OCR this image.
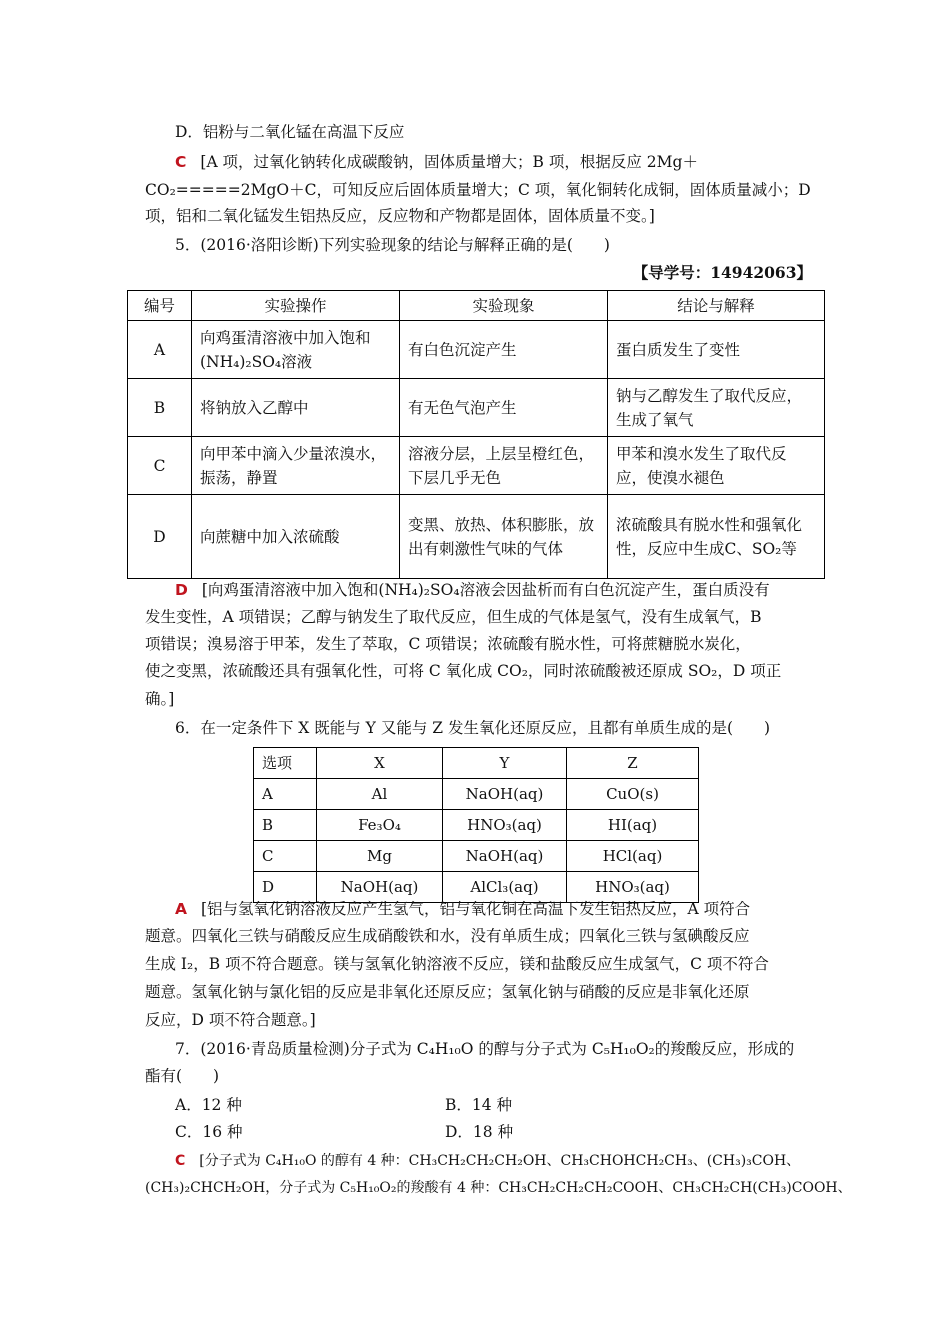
D．铝粉与二氧化锰在高温下反应
C [A 项，过氧化钠转化成碳酸钠，固体质量增大；B 项，根据反应 2Mg＋
CO₂=====2MgO＋C，可知反应后固体质量增大；C 项，氧化铜转化成铜，固体质量减小；D
项，铝和二氧化锰发生铝热反应，反应物和产物都是固体，固体质量不变。]
5．(2016·洛阳诊断)下列实验现象的结论与解释正确的是(　　)
【导学号：14942063】
编号	实验操作	实验现象	结论与解释
A	向鸡蛋清溶液中加入饱和(NH₄)₂SO₄溶液	有白色沉淀产生	蛋白质发生了变性
B	将钠放入乙醇中	有无色气泡产生	钠与乙醇发生了取代反应，生成了氧气
C	向甲苯中滴入少量浓溴水，振荡，静置	溶液分层，上层呈橙红色，下层几乎无色	甲苯和溴水发生了取代反应，使溴水褪色
D	向蔗糖中加入浓硫酸	变黑、放热、体积膨胀，放出有刺激性气味的气体	浓硫酸具有脱水性和强氧化性，反应中生成C、SO₂等
D [向鸡蛋清溶液中加入饱和(NH₄)₂SO₄溶液会因盐析而有白色沉淀产生，蛋白质没有
发生变性，A 项错误；乙醇与钠发生了取代反应，但生成的气体是氢气，没有生成氧气，B
项错误；溴易溶于甲苯，发生了萃取，C 项错误；浓硫酸有脱水性，可将蔗糖脱水炭化，
使之变黑，浓硫酸还具有强氧化性，可将 C 氧化成 CO₂，同时浓硫酸被还原成 SO₂，D 项正
确。]
6．在一定条件下 X 既能与 Y 又能与 Z 发生氧化还原反应，且都有单质生成的是(　　)
选项	X	Y	Z
A	Al	NaOH(aq)	CuO(s)
B	Fe₃O₄	HNO₃(aq)	HI(aq)
C	Mg	NaOH(aq)	HCl(aq)
D	NaOH(aq)	AlCl₃(aq)	HNO₃(aq)
A [铝与氢氧化钠溶液反应产生氢气，铝与氧化铜在高温下发生铝热反应，A 项符合
题意。四氧化三铁与硝酸反应生成硝酸铁和水，没有单质生成；四氧化三铁与氢碘酸反应
生成 I₂，B 项不符合题意。镁与氢氧化钠溶液不反应，镁和盐酸反应生成氢气，C 项不符合
题意。氢氧化钠与氯化铝的反应是非氧化还原反应；氢氧化钠与硝酸的反应是非氧化还原
反应，D 项不符合题意。]
7．(2016·青岛质量检测)分子式为 C₄H₁₀O 的醇与分子式为 C₅H₁₀O₂的羧酸反应，形成的
酯有(　　)
A．12 种	B．14 种
C．16 种	D．18 种
C [分子式为 C₄H₁₀O 的醇有 4 种：CH₃CH₂CH₂CH₂OH、CH₃CHOHCH₂CH₃、(CH₃)₃COH、
(CH₃)₂CHCH₂OH，分子式为 C₅H₁₀O₂的羧酸有 4 种：CH₃CH₂CH₂CH₂COOH、CH₃CH₂CH(CH₃)COOH、
